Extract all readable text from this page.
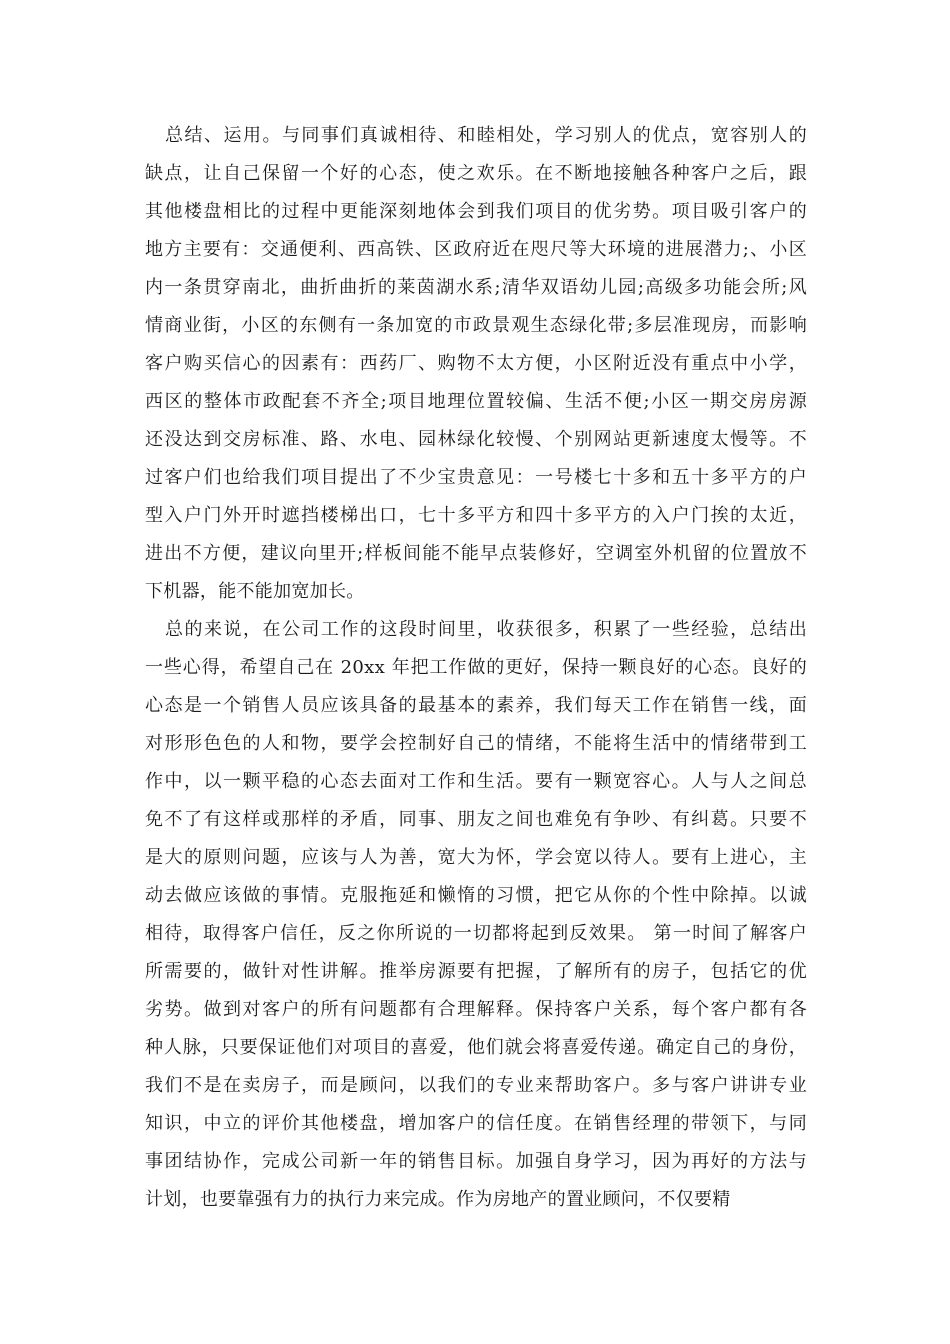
总结、运用。与同事们真诚相待、和睦相处，学习别人的优点，宽容别人的
缺点，让自己保留一个好的心态，使之欢乐。在不断地接触各种客户之后，跟
其他楼盘相比的过程中更能深刻地体会到我们项目的优劣势。项目吸引客户的
地方主要有：交通便利、西高铁、区政府近在咫尺等大环境的进展潜力;、小区
内一条贯穿南北，曲折曲折的莱茵湖水系;清华双语幼儿园;高级多功能会所;风
情商业街，小区的东侧有一条加宽的市政景观生态绿化带;多层准现房，而影响
客户购买信心的因素有：西药厂、购物不太方便，小区附近没有重点中小学，
西区的整体市政配套不齐全;项目地理位置较偏、生活不便;小区一期交房房源
还没达到交房标准、路、水电、园林绿化较慢、个别网站更新速度太慢等。不
过客户们也给我们项目提出了不少宝贵意见：一号楼七十多和五十多平方的户
型入户门外开时遮挡楼梯出口，七十多平方和四十多平方的入户门挨的太近，
进出不方便，建议向里开;样板间能不能早点装修好，空调室外机留的位置放不
下机器，能不能加宽加长。
总的来说，在公司工作的这段时间里，收获很多，积累了一些经验，总结出
一些心得，希望自己在 20xx 年把工作做的更好，保持一颗良好的心态。良好的
心态是一个销售人员应该具备的最基本的素养，我们每天工作在销售一线，面
对形形色色的人和物，要学会控制好自己的情绪，不能将生活中的情绪带到工
作中，以一颗平稳的心态去面对工作和生活。要有一颗宽容心。人与人之间总
免不了有这样或那样的矛盾，同事、朋友之间也难免有争吵、有纠葛。只要不
是大的原则问题，应该与人为善，宽大为怀，学会宽以待人。要有上进心，主
动去做应该做的事情。克服拖延和懒惰的习惯，把它从你的个性中除掉。以诚
相待，取得客户信任，反之你所说的一切都将起到反效果。 第一时间了解客户
所需要的，做针对性讲解。推举房源要有把握，了解所有的房子，包括它的优
劣势。做到对客户的所有问题都有合理解释。保持客户关系，每个客户都有各
种人脉，只要保证他们对项目的喜爱，他们就会将喜爱传递。确定自己的身份，
我们不是在卖房子，而是顾问，以我们的专业来帮助客户。多与客户讲讲专业
知识，中立的评价其他楼盘，增加客户的信任度。在销售经理的带领下，与同
事团结协作，完成公司新一年的销售目标。加强自身学习，因为再好的方法与
计划，也要靠强有力的执行力来完成。作为房地产的置业顾问，不仅要精
